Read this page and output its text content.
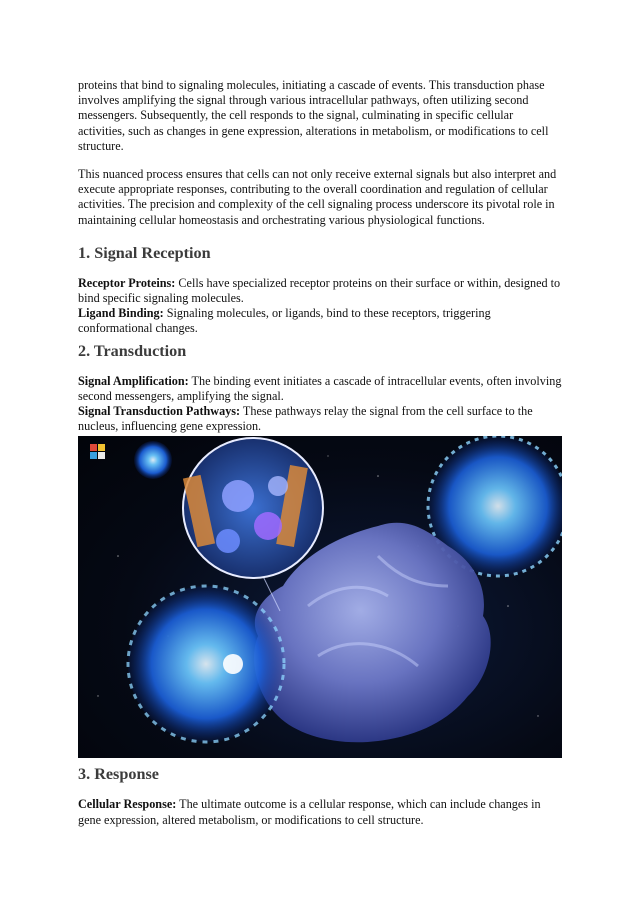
proteins that bind to signaling molecules, initiating a cascade of events. This transduction phase involves amplifying the signal through various intracellular pathways, often utilizing second messengers. Subsequently, the cell responds to the signal, culminating in specific cellular activities, such as changes in gene expression, alterations in metabolism, or modifications to cell structure.

This nuanced process ensures that cells can not only receive external signals but also interpret and execute appropriate responses, contributing to the overall coordination and regulation of cellular activities. The precision and complexity of the cell signaling process underscore its pivotal role in maintaining cellular homeostasis and orchestrating various physiological functions.

1. Signal Reception

Receptor Proteins: Cells have specialized receptor proteins on their surface or within, designed to bind specific signaling molecules.

Ligand Binding: Signaling molecules, or ligands, bind to these receptors, triggering conformational changes.

2. Transduction

Signal Amplification: The binding event initiates a cascade of intracellular events, often involving second messengers, amplifying the signal.

Signal Transduction Pathways: These pathways relay the signal from the cell surface to the nucleus, influencing gene expression.

3. Response

Cellular Response: The ultimate outcome is a cellular response, which can include changes in gene expression, altered metabolism, or modifications to cell structure.
